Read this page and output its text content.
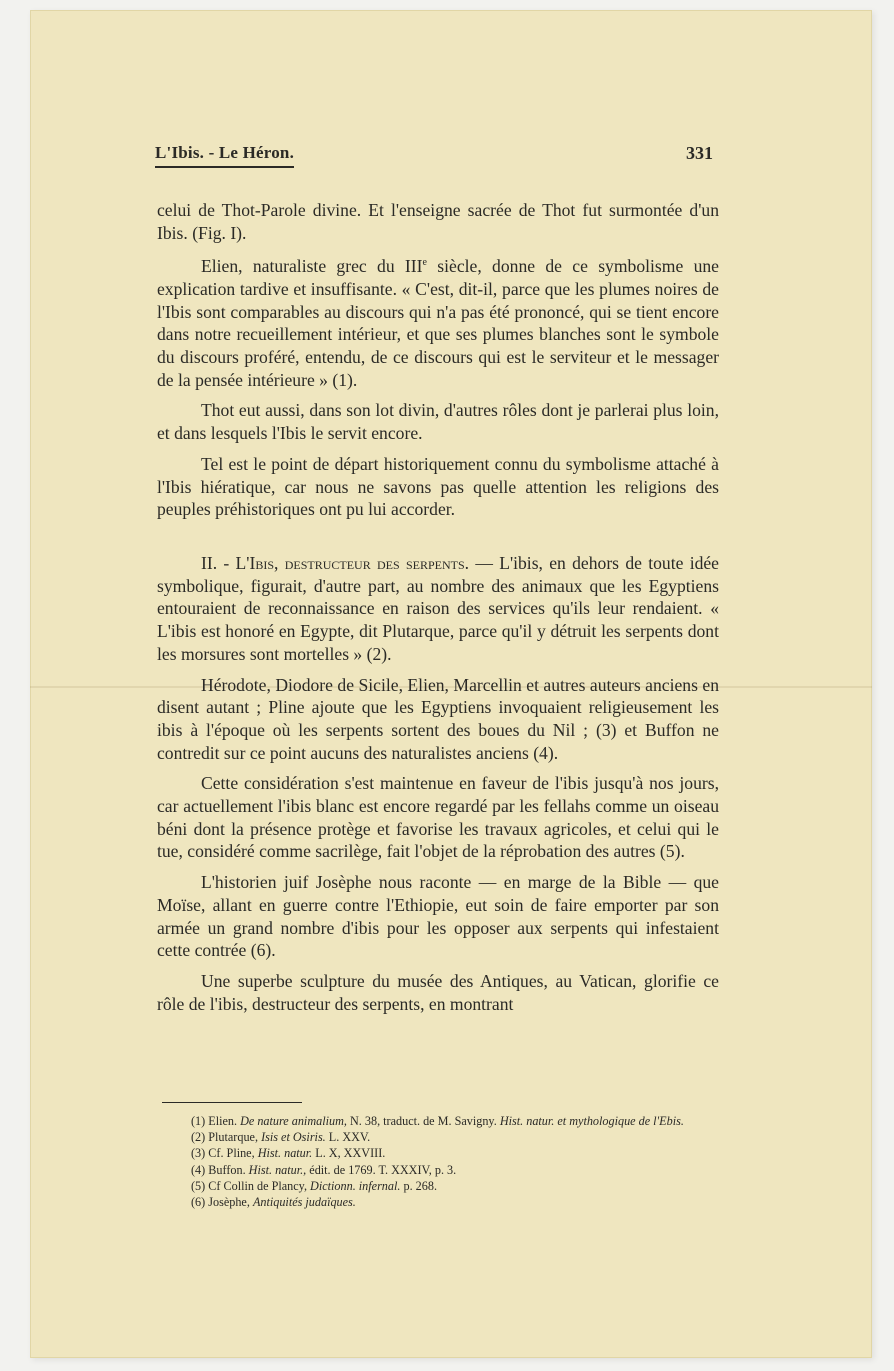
L'Ibis. - Le Héron.	331

celui de Thot-Parole divine. Et l'enseigne sacrée de Thot fut surmontée d'un Ibis. (Fig. I).

Elien, naturaliste grec du IIIe siècle, donne de ce symbolisme une explication tardive et insuffisante. « C'est, dit-il, parce que les plumes noires de l'Ibis sont comparables au discours qui n'a pas été prononcé, qui se tient encore dans notre recueillement intérieur, et que ses plumes blanches sont le symbole du discours proféré, entendu, de ce discours qui est le serviteur et le messager de la pensée intérieure » (1).

Thot eut aussi, dans son lot divin, d'autres rôles dont je parlerai plus loin, et dans lesquels l'Ibis le servit encore.

Tel est le point de départ historiquement connu du symbolisme attaché à l'Ibis hiératique, car nous ne savons pas quelle attention les religions des peuples préhistoriques ont pu lui accorder.

II. - L'Ibis, destructeur des serpents. — L'ibis, en dehors de toute idée symbolique, figurait, d'autre part, au nombre des animaux que les Egyptiens entouraient de reconnaissance en raison des services qu'ils leur rendaient. « L'ibis est honoré en Egypte, dit Plutarque, parce qu'il y détruit les serpents dont les morsures sont mortelles » (2).

Hérodote, Diodore de Sicile, Elien, Marcellin et autres auteurs anciens en disent autant ; Pline ajoute que les Egyptiens invoquaient religieusement les ibis à l'époque où les serpents sortent des boues du Nil ; (3) et Buffon ne contredit sur ce point aucuns des naturalistes anciens (4).

Cette considération s'est maintenue en faveur de l'ibis jusqu'à nos jours, car actuellement l'ibis blanc est encore regardé par les fellahs comme un oiseau béni dont la présence protège et favorise les travaux agricoles, et celui qui le tue, considéré comme sacrilège, fait l'objet de la réprobation des autres (5).

L'historien juif Josèphe nous raconte — en marge de la Bible — que Moïse, allant en guerre contre l'Ethiopie, eut soin de faire emporter par son armée un grand nombre d'ibis pour les opposer aux serpents qui infestaient cette contrée (6).

Une superbe sculpture du musée des Antiques, au Vatican, glorifie ce rôle de l'ibis, destructeur des serpents, en montrant

(1) Elien. De nature animalium, N. 38, traduct. de M. Savigny. Hist. natur. et mythologique de l'Ebis.
(2) Plutarque, Isis et Osiris. L. XXV.
(3) Cf. Pline, Hist. natur. L. X, XXVIII.
(4) Buffon. Hist. natur., édit. de 1769. T. XXXIV, p. 3.
(5) Cf Collin de Plancy, Dictionn. infernal. p. 268.
(6) Josèphe, Antiquités judaïques.
